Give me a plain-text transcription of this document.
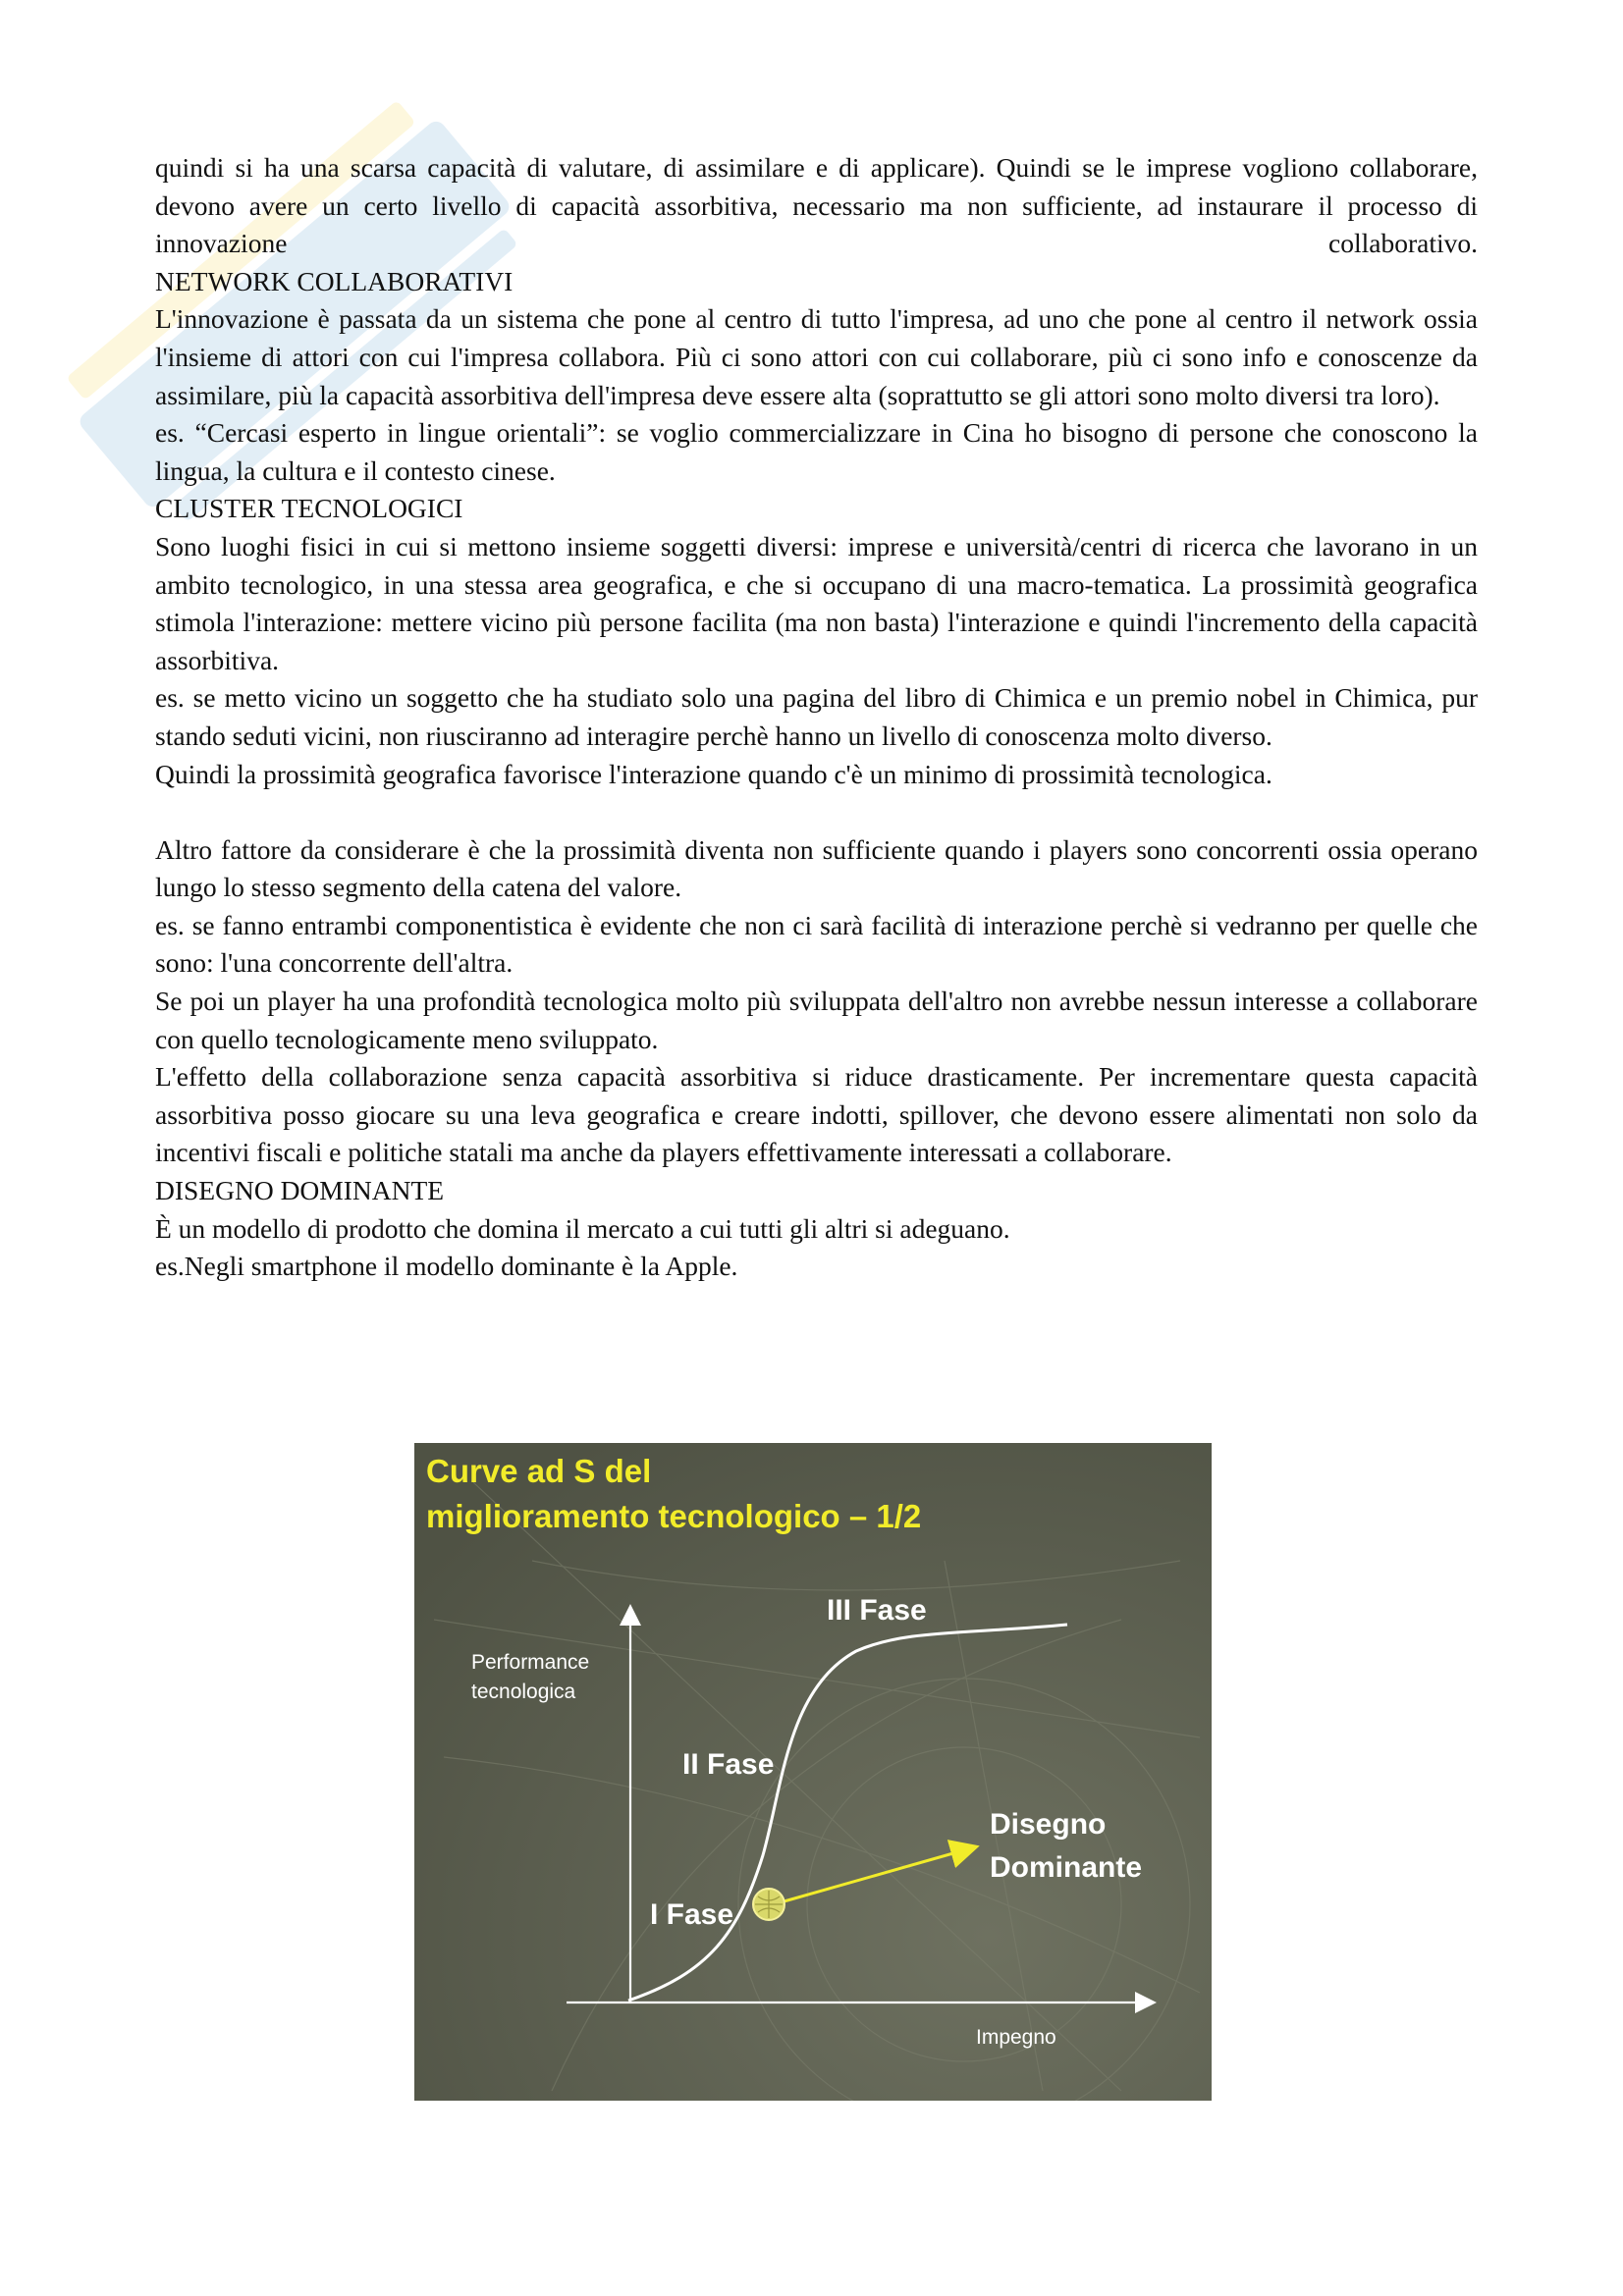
quindi si ha una scarsa capacità di valutare, di assimilare e di applicare). Quindi se le imprese vogliono collaborare, devono avere un certo livello di capacità assorbitiva, necessario ma non sufficiente, ad instaurare il processo di innovazione collaborativo.

NETWORK COLLABORATIVI

L'innovazione è passata da un sistema che pone al centro di tutto l'impresa, ad uno che pone al centro il network ossia l'insieme di attori con cui l'impresa collabora. Più ci sono attori con cui collaborare, più ci sono info e conoscenze da assimilare, più la capacità assorbitiva dell'impresa deve essere alta (soprattutto se gli attori sono molto diversi tra loro).

es. “Cercasi esperto in lingue orientali”: se voglio commercializzare in Cina ho bisogno di persone che conoscono la lingua, la cultura e il contesto cinese.

CLUSTER TECNOLOGICI

Sono luoghi fisici in cui si mettono insieme soggetti diversi: imprese e università/centri di ricerca che lavorano in un ambito tecnologico, in una stessa area geografica, e che si occupano di una macro-tematica. La prossimità geografica stimola l'interazione: mettere vicino più persone facilita (ma non basta) l'interazione e quindi l'incremento della capacità assorbitiva.

es. se metto vicino un soggetto che ha studiato solo una pagina del libro di Chimica e un premio nobel in Chimica, pur stando seduti vicini, non riusciranno ad interagire perchè hanno un livello di conoscenza molto diverso.

Quindi la prossimità geografica favorisce l'interazione quando c'è un minimo di prossimità tecnologica.

Altro fattore da considerare è che la prossimità diventa non sufficiente quando i players sono concorrenti ossia operano lungo lo stesso segmento della catena del valore.

es. se fanno entrambi componentistica è evidente che non ci sarà facilità di interazione perchè si vedranno per quelle che sono: l'una concorrente dell'altra.

Se poi un player ha una profondità tecnologica molto più sviluppata dell'altro non avrebbe nessun interesse a collaborare con quello tecnologicamente meno sviluppato.

L'effetto della collaborazione senza capacità assorbitiva si riduce drasticamente. Per incrementare questa capacità assorbitiva posso giocare su una leva geografica e creare indotti, spillover, che devono essere alimentati non solo da incentivi fiscali e politiche statali ma anche da players effettivamente interessati a collaborare.

DISEGNO DOMINANTE

È un modello di prodotto che domina il mercato a cui tutti gli altri si adeguano.

es.Negli smartphone il modello dominante è la Apple.

Curve ad S del
miglioramento tecnologico – 1/2
Performance
tecnologica
Impegno
I Fase
II Fase
III Fase
Disegno
Dominante
